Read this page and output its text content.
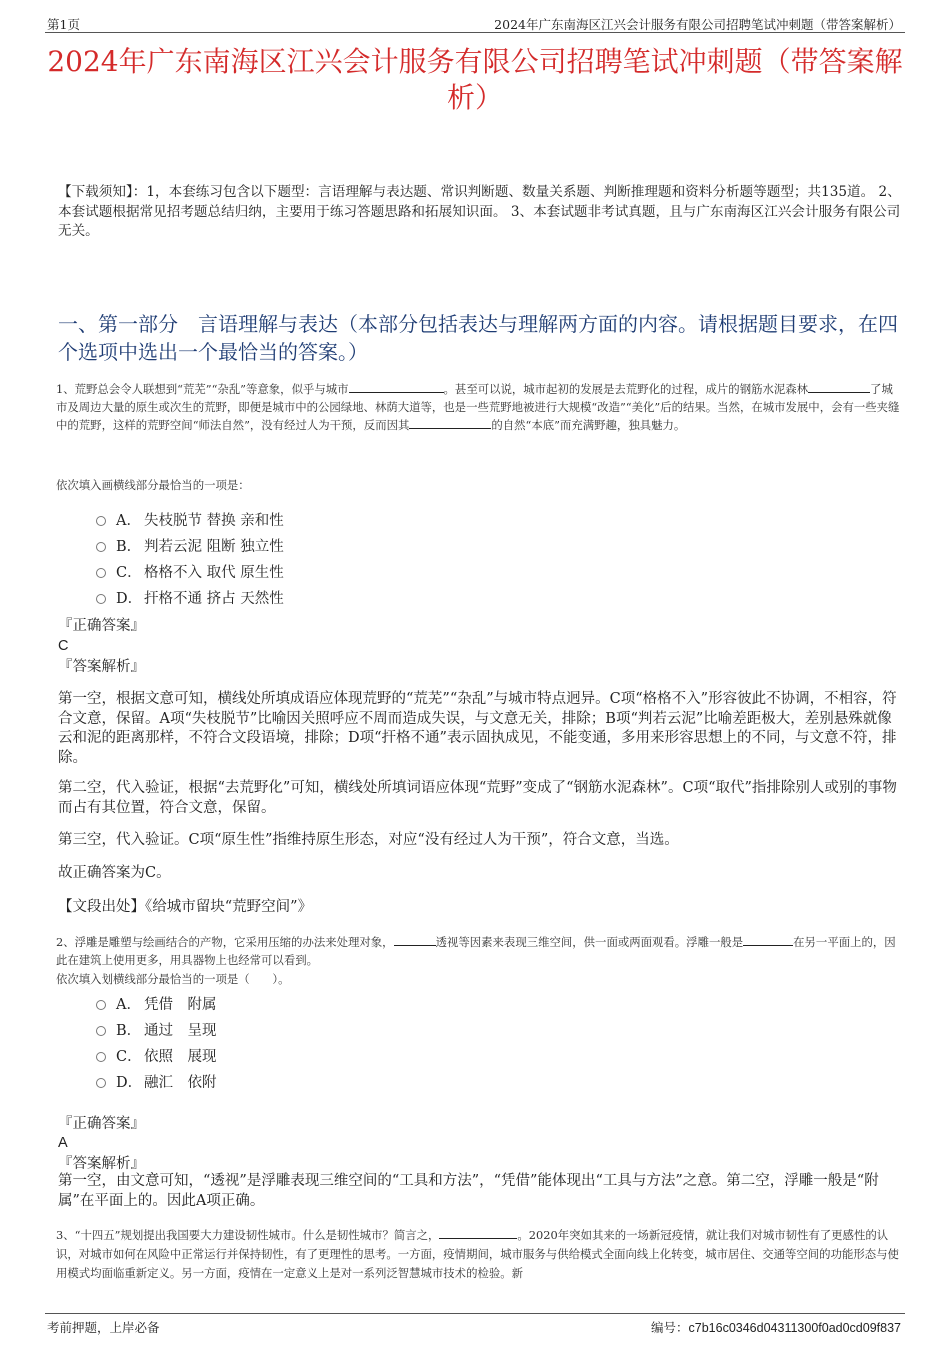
第1页	2024年广东南海区江兴会计服务有限公司招聘笔试冲刺题（带答案解析）
2024年广东南海区江兴会计服务有限公司招聘笔试冲刺题（带答案解析）
【下载须知】：1，本套练习包含以下题型：言语理解与表达题、常识判断题、数量关系题、判断推理题和资料分析题等题型；共135道。 2、本套试题根据常见招考题总结归纳，主要用于练习答题思路和拓展知识面。 3、本套试题非考试真题，且与广东南海区江兴会计服务有限公司无关。
一、第一部分　言语理解与表达（本部分包括表达与理解两方面的内容。请根据题目要求，在四个选项中选出一个最恰当的答案。）
1、荒野总会令人联想到“荒芜”“杂乱”等意象，似乎与城市	。甚至可以说，城市起初的发展是去荒野化的过程，成片的钢筋水泥森林	了城市及周边大量的原生或次生的荒野，即便是城市中的公园绿地、林荫大道等，也是一些荒野地被进行大规模“改造”“美化”后的结果。当然，在城市发展中，会有一些夹缝中的荒野，这样的荒野空间“师法自然”，没有经过人为干预，反而因其	的自然“本底”而充满野趣，独具魅力。
依次填入画横线部分最恰当的一项是：
A． 失枝脱节 替换 亲和性
B． 判若云泥 阻断 独立性
C． 格格不入 取代 原生性
D． 扞格不通 挤占 天然性
『正确答案』
C
『答案解析』
第一空，根据文意可知，横线处所填成语应体现荒野的“荒芜”“杂乱”与城市特点迥异。C项“格格不入”形容彼此不协调，不相容，符合文意，保留。A项“失枝脱节”比喻因关照呼应不周而造成失误，与文意无关，排除；B项“判若云泥”比喻差距极大，差别悬殊就像云和泥的距离那样，不符合文段语境，排除；D项“扞格不通”表示固执成见，不能变通，多用来形容思想上的不同，与文意不符，排除。
第二空，代入验证，根据“去荒野化”可知，横线处所填词语应体现“荒野”变成了“钢筋水泥森林”。C项“取代”指排除别人或别的事物而占有其位置，符合文意，保留。
第三空，代入验证。C项“原生性”指维持原生形态，对应“没有经过人为干预”，符合文意，当选。
故正确答案为C。
【文段出处】《给城市留块“荒野空间”》
2、浮雕是雕塑与绘画结合的产物，它采用压缩的办法来处理对象，	透视等因素来表现三维空间，供一面或两面观看。浮雕一般是	在另一平面上的，因此在建筑上使用更多，用具器物上也经常可以看到。
依次填入划横线部分最恰当的一项是（　　）。
A． 凭借　附属
B． 通过　呈现
C． 依照　展现
D． 融汇　依附
『正确答案』
A
『答案解析』
第一空，由文意可知，“透视”是浮雕表现三维空间的“工具和方法”，“凭借”能体现出“工具与方法”之意。第二空，浮雕一般是“附属”在平面上的。因此A项正确。
3、“十四五”规划提出我国要大力建设韧性城市。什么是韧性城市？简言之，	。2020年突如其来的一场新冠疫情，就让我们对城市韧性有了更感性的认识，对城市如何在风险中正常运行并保持韧性，有了更理性的思考。一方面，疫情期间，城市服务与供给模式全面向线上化转变，城市居住、交通等空间的功能形态与使用模式均面临重新定义。另一方面，疫情在一定意义上是对一系列泛智慧城市技术的检验。新
考前押题，上岸必备	编号：c7b16c0346d04311300f0ad0cd09f837
